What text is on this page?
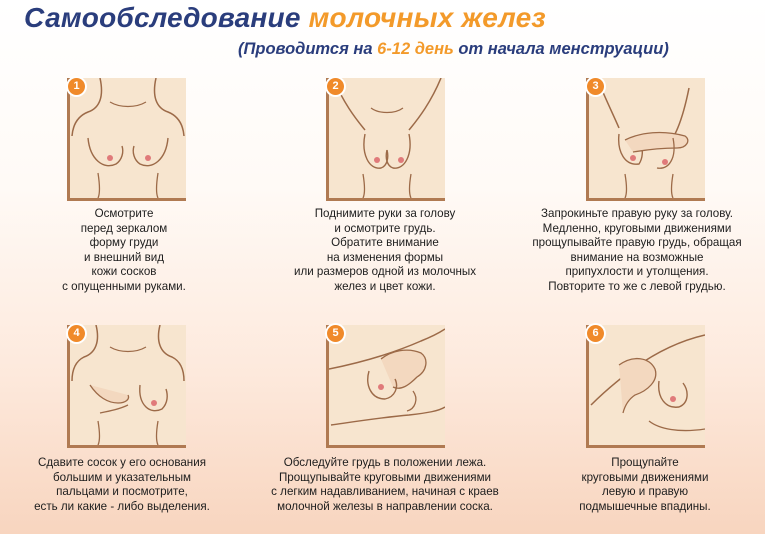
Самообследование молочных желез

(Проводится на 6-12 день от начала менструации)

1	2	3
4	5	6
Осмотрите
перед зеркалом
форму груди
и внешний вид
кожи сосков
с опущенными руками.
Поднимите руки за голову
и осмотрите грудь.
Обратите внимание
на изменения формы
или размеров одной из молочных
желез и цвет кожи.
Запрокиньте правую руку за голову.
Медленно, круговыми движениями
прощупывайте правую грудь, обращая
внимание на возможные
припухлости и утолщения.
Повторите то же с левой грудью.
Сдавите сосок у его основания
большим и указательным
пальцами и посмотрите,
есть ли какие - либо выделения.
Обследуйте грудь в положении лежа.
Прощупывайте круговыми движениями
с легким надавливанием, начиная с краев
молочной железы в направлении соска.
Прощупайте
круговыми движениями
левую и правую
подмышечные впадины.
